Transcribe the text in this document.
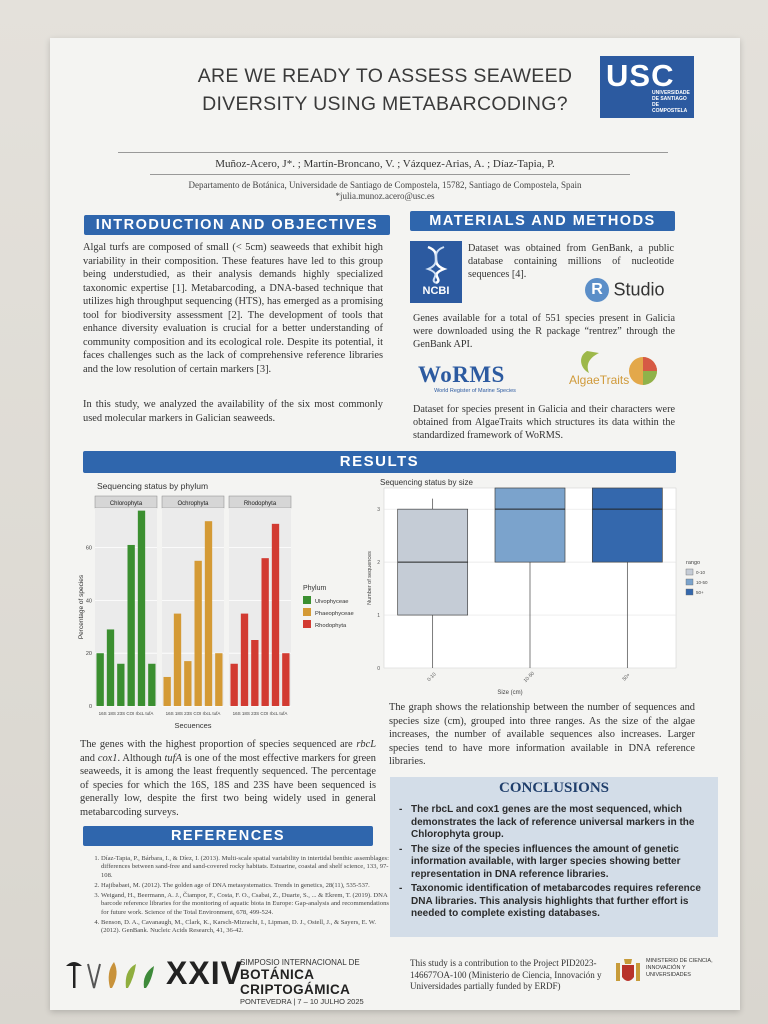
ARE WE READY TO ASSESS SEAWEED
DIVERSITY USING METABARCODING?
Muñoz-Acero, J*. ; Martín-Broncano, V. ; Vázquez-Arias, A. ; Díaz-Tapia, P.
Departamento de Botánica, Universidade de Santiago de Compostela, 15782, Santiago de Compostela, Spain
*julia.munoz.acero@usc.es
USC
UNIVERSIDADE DE SANTIAGO DE COMPOSTELA
INTRODUCTION AND OBJECTIVES
Algal turfs are composed of small (< 5cm) seaweeds that exhibit high variability in their composition. These features have led to this group being understudied, as their analysis demands highly specialized taxonomic expertise [1]. Metabarcoding, a DNA-based technique that utilizes high throughput sequencing (HTS), has emerged as a promising tool for biodiversity assessment [2]. The development of tools that enhance diversity evaluation is crucial for a better understanding of community composition and its ecological role. Despite its potential, it faces challenges such as the lack of comprehensive reference libraries and the low resolution of certain markers [3].
In this study, we analyzed the availability of the six most commonly used molecular markers in Galician seaweeds.
MATERIALS AND METHODS
NCBI
Dataset was obtained from GenBank, a public database containing millions of nucleotide sequences [4].
R Studio
Genes available for a total of 551 species present in Galicia were downloaded using the R package “rentrez” through the GenBank API.
WoRMS
World Register of Marine Species
AlgaeTraits
Dataset for species present in Galicia and their characters were obtained from AlgaeTraits which structures its data within the standardized framework of WoRMS.
RESULTS
Sequencing status by phylum
Chlorophyta
16S 18S 23S COI rbcL tufA
Ochrophyta
16S 18S 23S COI rbcL tufA
Rhodophyta
16S 18S 23S COI rbcL tufA
0
20
40
60
Percentage of species
Secuences
Phylum
Ulvophyceae
Phaeophyceae
Rhodophyta
Sequencing status by size
0
1
2
3
0-10	10-50	50+
Number of sequences
Size (cm)
rango
0-10
10-50
50+
The graph shows the relationship between the number of sequences and species size (cm), grouped into three ranges. As the size of the algae increases, the number of available sequences also increases. Larger species tend to have more information available in DNA reference libraries.
The genes with the highest proportion of species sequenced are rbcL and cox1. Although tufA is one of the most effective markers for green seaweeds, it is among the least frequently sequenced. The percentage of species for which the 16S, 18S and 23S have been sequenced is generally low, despite the first two being widely used in general metabarcoding surveys.
CONCLUSIONS
- The rbcL and cox1 genes are the most sequenced, which demonstrates the lack of reference universal markers in the Chlorophyta group.
- The size of the species influences the amount of genetic information available, with larger species showing better representation in DNA reference libraries.
- Taxonomic identification of metabarcodes requires reference DNA libraries. This analysis highlights that further effort is needed to complete existing databases.
REFERENCES
1. Díaz-Tapia, P., Bárbara, I., & Díez, I. (2013). Multi-scale spatial variability in intertidal benthic assemblages: differences between sand-free and sand-covered rocky habitats. Estuarine, coastal and shelf science, 133, 97-108.
2. Hajibabaei, M. (2012). The golden age of DNA metasystematics. Trends in genetics, 28(11), 535-537.
3. Weigand, H., Beermann, A. J., Čiampor, F., Costa, F. O., Csabai, Z., Duarte, S., ... & Ekrem, T. (2019). DNA barcode reference libraries for the monitoring of aquatic biota in Europe: Gap-analysis and recommendations for future work. Science of the Total Environment, 678, 499-524.
4. Benson, D. A., Cavanaugh, M., Clark, K., Karsch-Mizrachi, I., Lipman, D. J., Ostell, J., & Sayers, E. W. (2012). GenBank. Nucleic Acids Research, 41, 36-42.
XXIV
SIMPOSIO INTERNACIONAL DE
BOTÁNICA CRIPTOGÁMICA
PONTEVEDRA | 7 – 10 JULHO 2025
This study is a contribution to the Project PID2023-146677OA-100 (Ministerio de Ciencia, Innovación y Universidades partially funded by ERDF)
MINISTERIO DE CIENCIA, INNOVACIÓN Y UNIVERSIDADES
